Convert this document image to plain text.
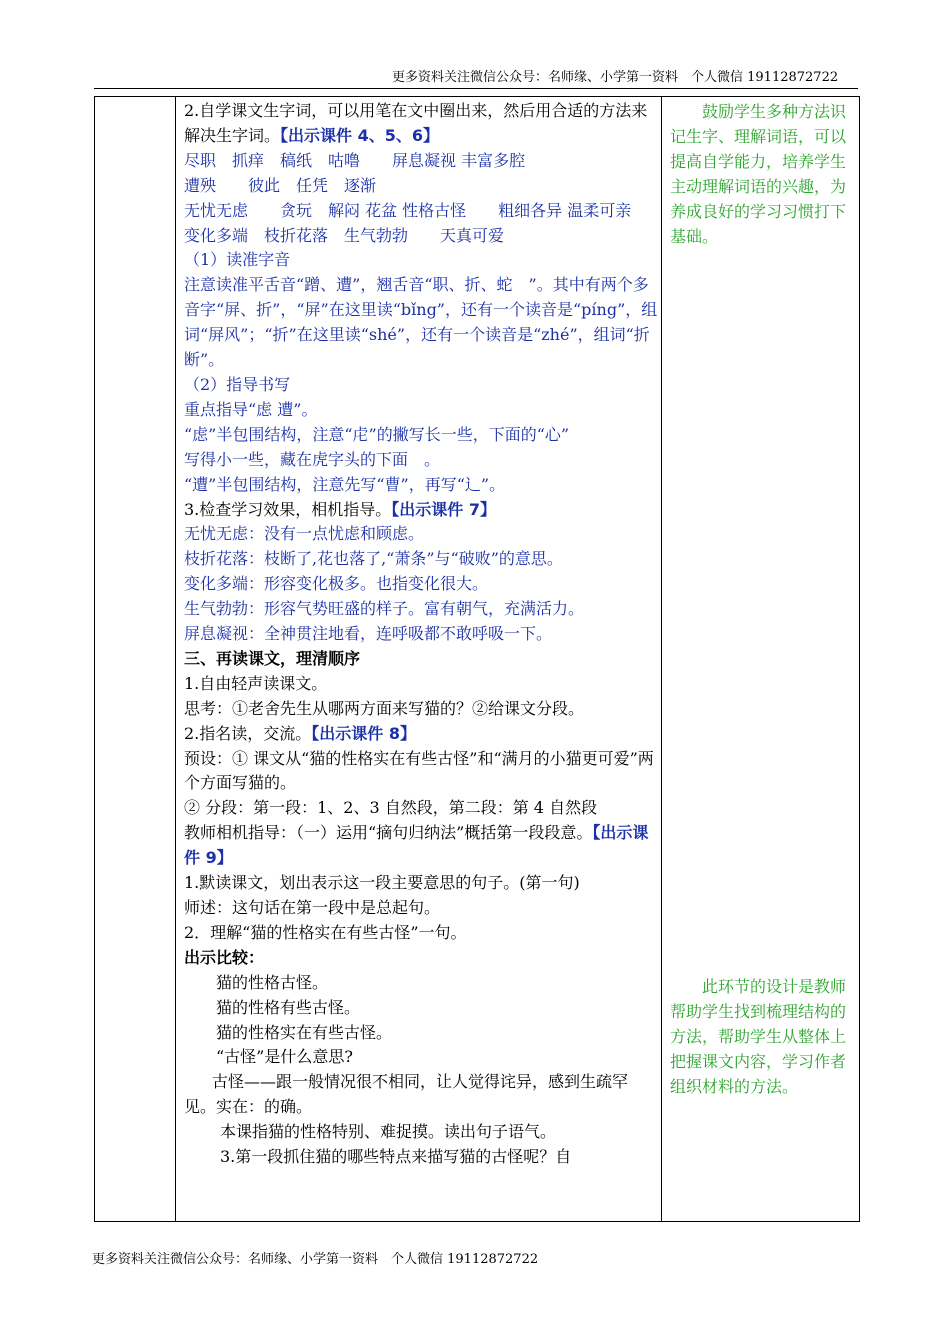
更多资料关注微信公众号：名师缘、小学第一资料　个人微信 19112872722

2.自学课文生字词，可以用笔在文中圈出来，然后用合适的方法来解决生字词。【出示课件 4、5、6】

尽职　抓痒　稿纸　咕噜　　屏息凝视 丰富多腔

遭殃　　彼此　任凭　逐渐

无忧无虑　　贪玩　解闷 花盆 性格古怪　　粗细各异 温柔可亲　变化多端　枝折花落　生气勃勃　　天真可爱

（1）读准字音

注意读准平舌音“蹭、遭”，翘舌音“职、折、蛇　”。其中有两个多音字“屏、折”，“屏”在这里读“bǐng”，还有一个读音是“píng”，组词“屏风”；“折”在这里读“shé”，还有一个读音是“zhé”，组词“折断”。

（2）指导书写

重点指导“虑 遭”。

“虑”半包围结构，注意“虍”的撇写长一些，下面的“心”

写得小一些，藏在虎字头的下面　。

“遭”半包围结构，注意先写“曹”，再写“辶”。

3.检查学习效果，相机指导。【出示课件 7】

无忧无虑：没有一点忧虑和顾虑。

枝折花落：枝断了,花也落了,“萧条”与“破败”的意思。

变化多端：形容变化极多。也指变化很大。

生气勃勃：形容气势旺盛的样子。富有朝气，充满活力。

屏息凝视：全神贯注地看，连呼吸都不敢呼吸一下。

三、再读课文，理清顺序

1.自由轻声读课文。

思考：①老舍先生从哪两方面来写猫的？②给课文分段。

2.指名读，交流。【出示课件 8】

预设：① 课文从“猫的性格实在有些古怪”和“满月的小猫更可爱”两个方面写猫的。

② 分段：第一段：1、2、3 自然段，第二段：第 4 自然段

教师相机指导：（一）运用“摘句归纳法”概括第一段段意。【出示课件 9】

1.默读课文，划出表示这一段主要意思的句子。(第一句)

师述：这句话在第一段中是总起句。

2．理解“猫的性格实在有些古怪”一句。

出示比较：

猫的性格古怪。

猫的性格有些古怪。

猫的性格实在有些古怪。

“古怪”是什么意思?

古怪——跟一般情况很不相同，让人觉得诧异，感到生疏罕见。实在：的确。

本课指猫的性格特别、难捉摸。读出句子语气。

3.第一段抓住猫的哪些特点来描写猫的古怪呢？自

鼓励学生多种方法识记生字、理解词语，可以提高自学能力，培养学生主动理解词语的兴趣，为养成良好的学习习惯打下基础。

此环节的设计是教师帮助学生找到梳理结构的方法，帮助学生从整体上把握课文内容，学习作者组织材料的方法。

更多资料关注微信公众号：名师缘、小学第一资料　个人微信 19112872722
